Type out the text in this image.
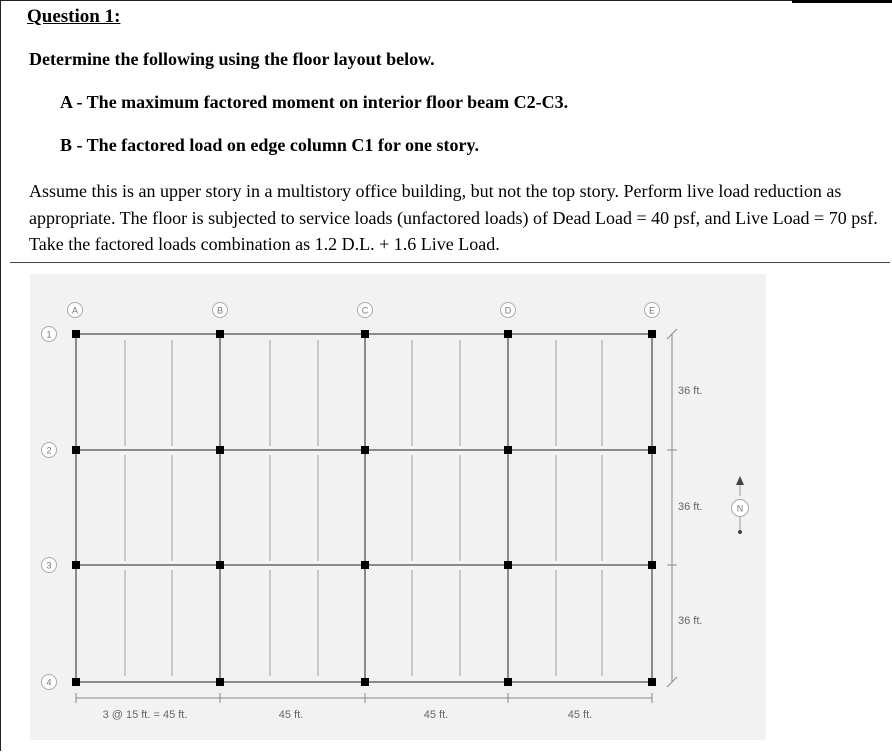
Question 1:
Determine the following using the floor layout below.
A - The maximum factored moment on interior floor beam C2-C3.
B - The factored load on edge column C1 for one story.
Assume this is an upper story in a multistory office building, but not the top story. Perform live load reduction as appropriate. The floor is subjected to service loads (unfactored loads) of Dead Load = 40 psf, and Live Load = 70 psf. Take the factored loads combination as 1.2 D.L. + 1.6 Live Load.
A	B	C	D	E
1
2
3
4
36 ft.
36 ft.
36 ft.
3 @ 15 ft. = 45 ft.	45 ft.	45 ft.	45 ft.
N
